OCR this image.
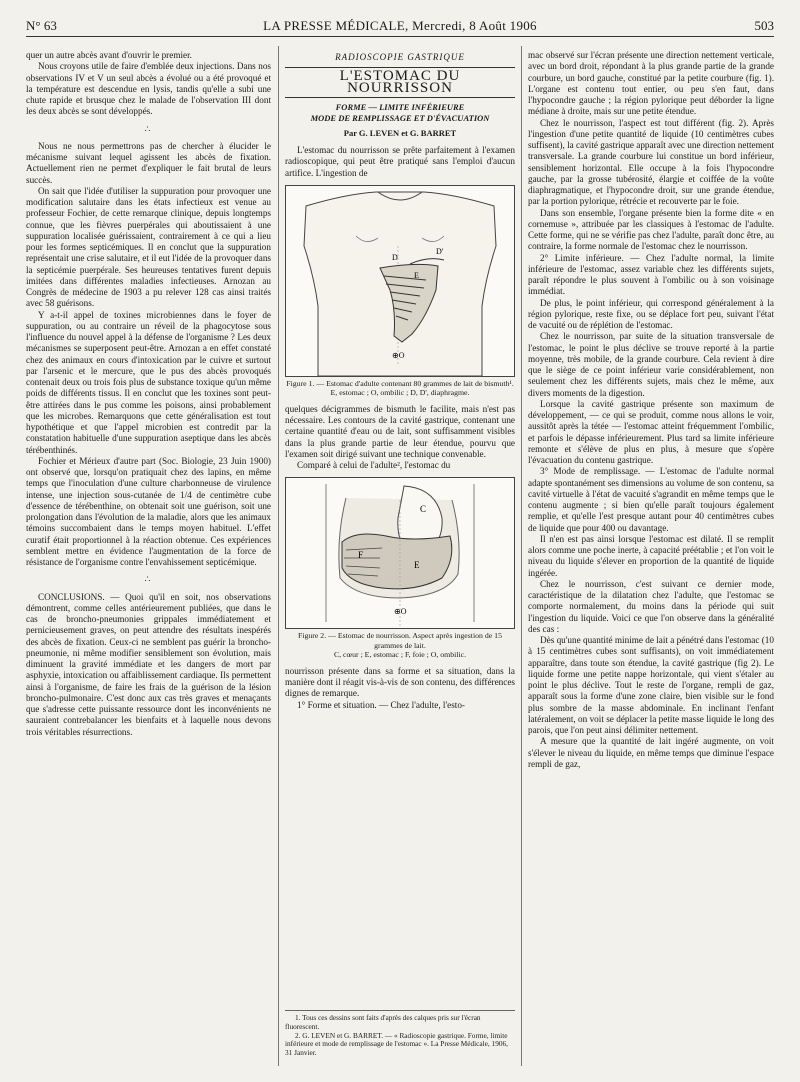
N° 63	LA PRESSE MÉDICALE, Mercredi, 8 Août 1906	503

quer un autre abcès avant d'ouvrir le premier.

Nous croyons utile de faire d'emblée deux injections. Dans nos observations IV et V un seul abcès a évolué ou a été provoqué et la température est descendue en lysis, tandis qu'elle a subi une chute rapide et brusque chez le malade de l'observation III dont les deux abcès se sont développés.

∴

Nous ne nous permettrons pas de chercher à élucider le mécanisme suivant lequel agissent les abcès de fixation. Actuellement rien ne permet d'expliquer le fait brutal de leurs succès.

On sait que l'idée d'utiliser la suppuration pour provoquer une modification salutaire dans les états infectieux est venue au professeur Fochier, de cette remarque clinique, depuis longtemps connue, que les fièvres puerpérales qui aboutissaient à une suppuration localisée guérissaient, contrairement à ce qui a lieu pour les formes septicémiques. Il en conclut que la suppuration représentait une crise salutaire, et il eut l'idée de la provoquer dans la septicémie puerpérale. Ses heureuses tentatives furent depuis imitées dans différentes maladies infectieuses. Arnozan au Congrès de médecine de 1903 a pu relever 128 cas ainsi traités avec 58 guérisons.

Y a-t-il appel de toxines microbiennes dans le foyer de suppuration, ou au contraire un réveil de la phagocytose sous l'influence du nouvel appel à la défense de l'organisme ? Les deux mécanismes se superposent peut-être. Arnozan a en effet constaté chez des animaux en cours d'intoxication par le cuivre et surtout par l'arsenic et le mercure, que le pus des abcès provoqués contenait deux ou trois fois plus de substance toxique qu'un même poids de différents tissus. Il en conclut que les toxines sont peut-être attirées dans le pus comme les poisons, ainsi probablement que les microbes. Remarquons que cette généralisation est tout hypothétique et que l'appel microbien est contredit par la constatation habituelle d'une suppuration aseptique dans les abcès térébenthinés.

Fochier et Mérieux d'autre part (Soc. Biologie, 23 Juin 1900) ont observé que, lorsqu'on pratiquait chez des lapins, en même temps que l'inoculation d'une culture charbonneuse de virulence intense, une injection sous-cutanée de 1/4 de centimètre cube d'essence de térébenthine, on obtenait soit une guérison, soit une prolongation dans l'évolution de la maladie, alors que les animaux témoins succombaient dans le temps moyen habituel. L'effet curatif était proportionnel à la réaction obtenue. Ces expériences semblent mettre en évidence l'augmentation de la force de résistance de l'organisme contre l'envahissement septicémique.

∴

CONCLUSIONS. — Quoi qu'il en soit, nos observations démontrent, comme celles antérieurement publiées, que dans le cas de broncho-pneumonies grippales immédiatement et pernicieusement graves, on peut attendre des résultats inespérés des abcès de fixation. Ceux-ci ne semblent pas guérir la broncho-pneumonie, ni même modifier sensiblement son évolution, mais diminuent la gravité immédiate et les dangers de mort par asphyxie, intoxication ou affaiblissement cardiaque. Ils permettent ainsi à l'organisme, de faire les frais de la guérison de la lésion broncho-pulmonaire. C'est donc aux cas très graves et menaçants que s'adresse cette puissante ressource dont les inconvénients ne sauraient contrebalancer les bienfaits et à laquelle nous devons trois véritables résurrections.

RADIOSCOPIE GASTRIQUE
L'ESTOMAC DU NOURRISSON
FORME — LIMITE INFÉRIEURE
MODE DE REMPLISSAGE ET D'ÉVACUATION
Par G. LEVEN et G. BARRET

L'estomac du nourrisson se prête parfaitement à l'examen radioscopique, qui peut être pratiqué sans l'emploi d'aucun artifice. L'ingestion de

D'
D
E
⊕O
Figure 1. — Estomac d'adulte contenant 80 grammes de lait de bismuth¹.
E, estomac ; O, ombilic ; D, D', diaphragme.

quelques décigrammes de bismuth le facilite, mais n'est pas nécessaire. Les contours de la cavité gastrique, contenant une certaine quantité d'eau ou de lait, sont suffisamment visibles dans la plus grande partie de leur étendue, pourvu que l'examen soit dirigé suivant une technique convenable.

Comparé à celui de l'adulte², l'estomac du

C
F
E
⊕O
Figure 2. — Estomac de nourrisson. Aspect après ingestion de 15 grammes de lait.
C, cœur ; E, estomac ; F, foie ; O, ombilic.

nourrisson présente dans sa forme et sa situation, dans la manière dont il réagit vis-à-vis de son contenu, des différences dignes de remarque.

1° Forme et situation. — Chez l'adulte, l'esto-

1. Tous ces dessins sont faits d'après des calques pris sur l'écran fluorescent.
2. G. LEVEN et G. BARRET. — « Radioscopie gastrique. Forme, limite inférieure et mode de remplissage de l'estomac ». La Presse Médicale, 1906, 31 Janvier.

mac observé sur l'écran présente une direction nettement verticale, avec un bord droit, répondant à la plus grande partie de la grande courbure, un bord gauche, constitué par la petite courbure (fig. 1). L'organe est contenu tout entier, ou peu s'en faut, dans l'hypocondre gauche ; la région pylorique peut déborder la ligne médiane à droite, mais sur une petite étendue.

Chez le nourrisson, l'aspect est tout différent (fig. 2). Après l'ingestion d'une petite quantité de liquide (10 centimètres cubes suffisent), la cavité gastrique apparaît avec une direction nettement transversale. La grande courbure lui constitue un bord inférieur, sensiblement horizontal. Elle occupe à la fois l'hypocondre gauche, par la grosse tubérosité, élargie et coiffée de la voûte diaphragmatique, et l'hypocondre droit, sur une grande étendue, par la portion pylorique, rétrécie et recouverte par le foie.

Dans son ensemble, l'organe présente bien la forme dite « en cornemuse », attribuée par les classiques à l'estomac de l'adulte. Cette forme, qui ne se vérifie pas chez l'adulte, paraît donc être, au contraire, la forme normale de l'estomac chez le nourrisson.

2° Limite inférieure. — Chez l'adulte normal, la limite inférieure de l'estomac, assez variable chez les différents sujets, paraît répondre le plus souvent à l'ombilic ou à son voisinage immédiat.

De plus, le point inférieur, qui correspond généralement à la région pylorique, reste fixe, ou se déplace fort peu, suivant l'état de vacuité ou de réplétion de l'estomac.

Chez le nourrisson, par suite de la situation transversale de l'estomac, le point le plus déclive se trouve reporté à la partie moyenne, très mobile, de la grande courbure. Cela revient à dire que le siège de ce point inférieur varie considérablement, non seulement chez les différents sujets, mais chez le même, aux divers moments de la digestion.

Lorsque la cavité gastrique présente son maximum de développement, — ce qui se produit, comme nous allons le voir, aussitôt après la tétée — l'estomac atteint fréquemment l'ombilic, et parfois le dépasse inférieurement. Plus tard sa limite inférieure remonte et s'élève de plus en plus, à mesure que s'opère l'évacuation du contenu gastrique.

3° Mode de remplissage. — L'estomac de l'adulte normal adapte spontanément ses dimensions au volume de son contenu, sa cavité virtuelle à l'état de vacuité s'agrandit en même temps que le contenu augmente ; si bien qu'elle paraît toujours également remplie, et qu'elle l'est presque autant pour 40 centimètres cubes de liquide que pour 400 ou davantage.

Il n'en est pas ainsi lorsque l'estomac est dilaté. Il se remplit alors comme une poche inerte, à capacité préétablie ; et l'on voit le niveau du liquide s'élever en proportion de la quantité de liquide ingérée.

Chez le nourrisson, c'est suivant ce dernier mode, caractéristique de la dilatation chez l'adulte, que l'estomac se comporte normalement, du moins dans la période qui suit l'ingestion du liquide. Voici ce que l'on observe dans la généralité des cas :

Dès qu'une quantité minime de lait a pénétré dans l'estomac (10 à 15 centimètres cubes sont suffisants), on voit immédiatement apparaître, dans toute son étendue, la cavité gastrique (fig 2). Le liquide forme une petite nappe horizontale, qui vient s'étaler au point le plus déclive. Tout le reste de l'organe, rempli de gaz, apparaît sous la forme d'une zone claire, bien visible sur le fond plus sombre de la masse abdominale. En inclinant l'enfant latéralement, on voit se déplacer la petite masse liquide le long des parois, que l'on peut ainsi délimiter nettement.

A mesure que la quantité de lait ingéré augmente, on voit s'élever le niveau du liquide, en même temps que diminue l'espace rempli de gaz,
